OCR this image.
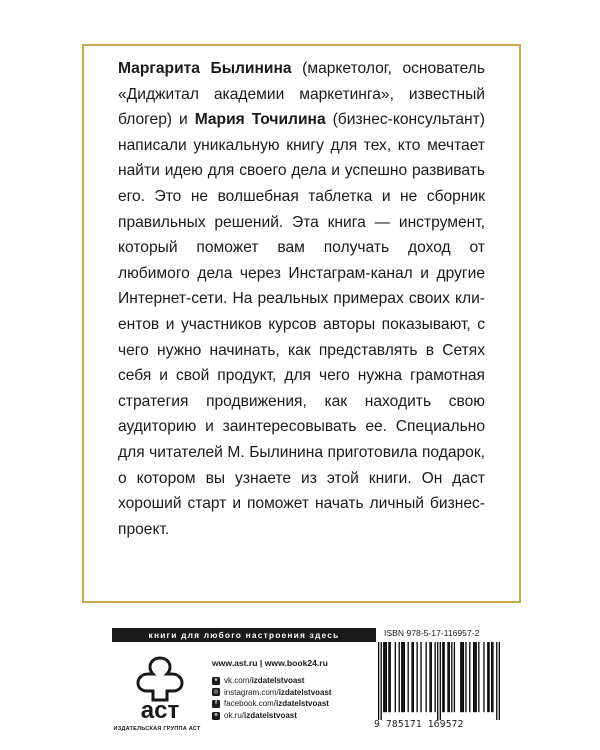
Маргарита Былинина (маркетолог, основатель «Диджитал академии маркетинга», известный блогер) и Мария Точилина (бизнес-консультант) написали уникальную книгу для тех, кто мечтает найти идею для своего дела и успешно развивать его. Это не волшебная таблетка и не сборник правильных решений. Эта книга — инструмент, который поможет вам получать доход от любимого дела через Инстаграм-канал и другие Интернет-сети. На реальных примерах своих клиентов и участников курсов авторы показывают, с чего нужно начинать, как представлять в Сетях себя и свой продукт, для чего нужна грамотная стратегия продвижения, как находить свою аудиторию и заинтересовывать ее. Специально для читателей М. Былинина приготовила подарок, о котором вы узнаете из этой книги. Он даст хороший старт и поможет начать личный бизнес-проект.

книги для любого настроения здесь
аст
ИЗДАТЕЛЬСКАЯ ГРУППА АСТ
www.ast.ru | www.book24.ru
v vk.com/ izdatelstvoast
◎ instagram.com/ izdatelstvoast
f facebook.com/ izdatelstvoast
o ok.ru/ izdatelstvoast
ISBN 978-5-17-116957-2
9 785171 169572
